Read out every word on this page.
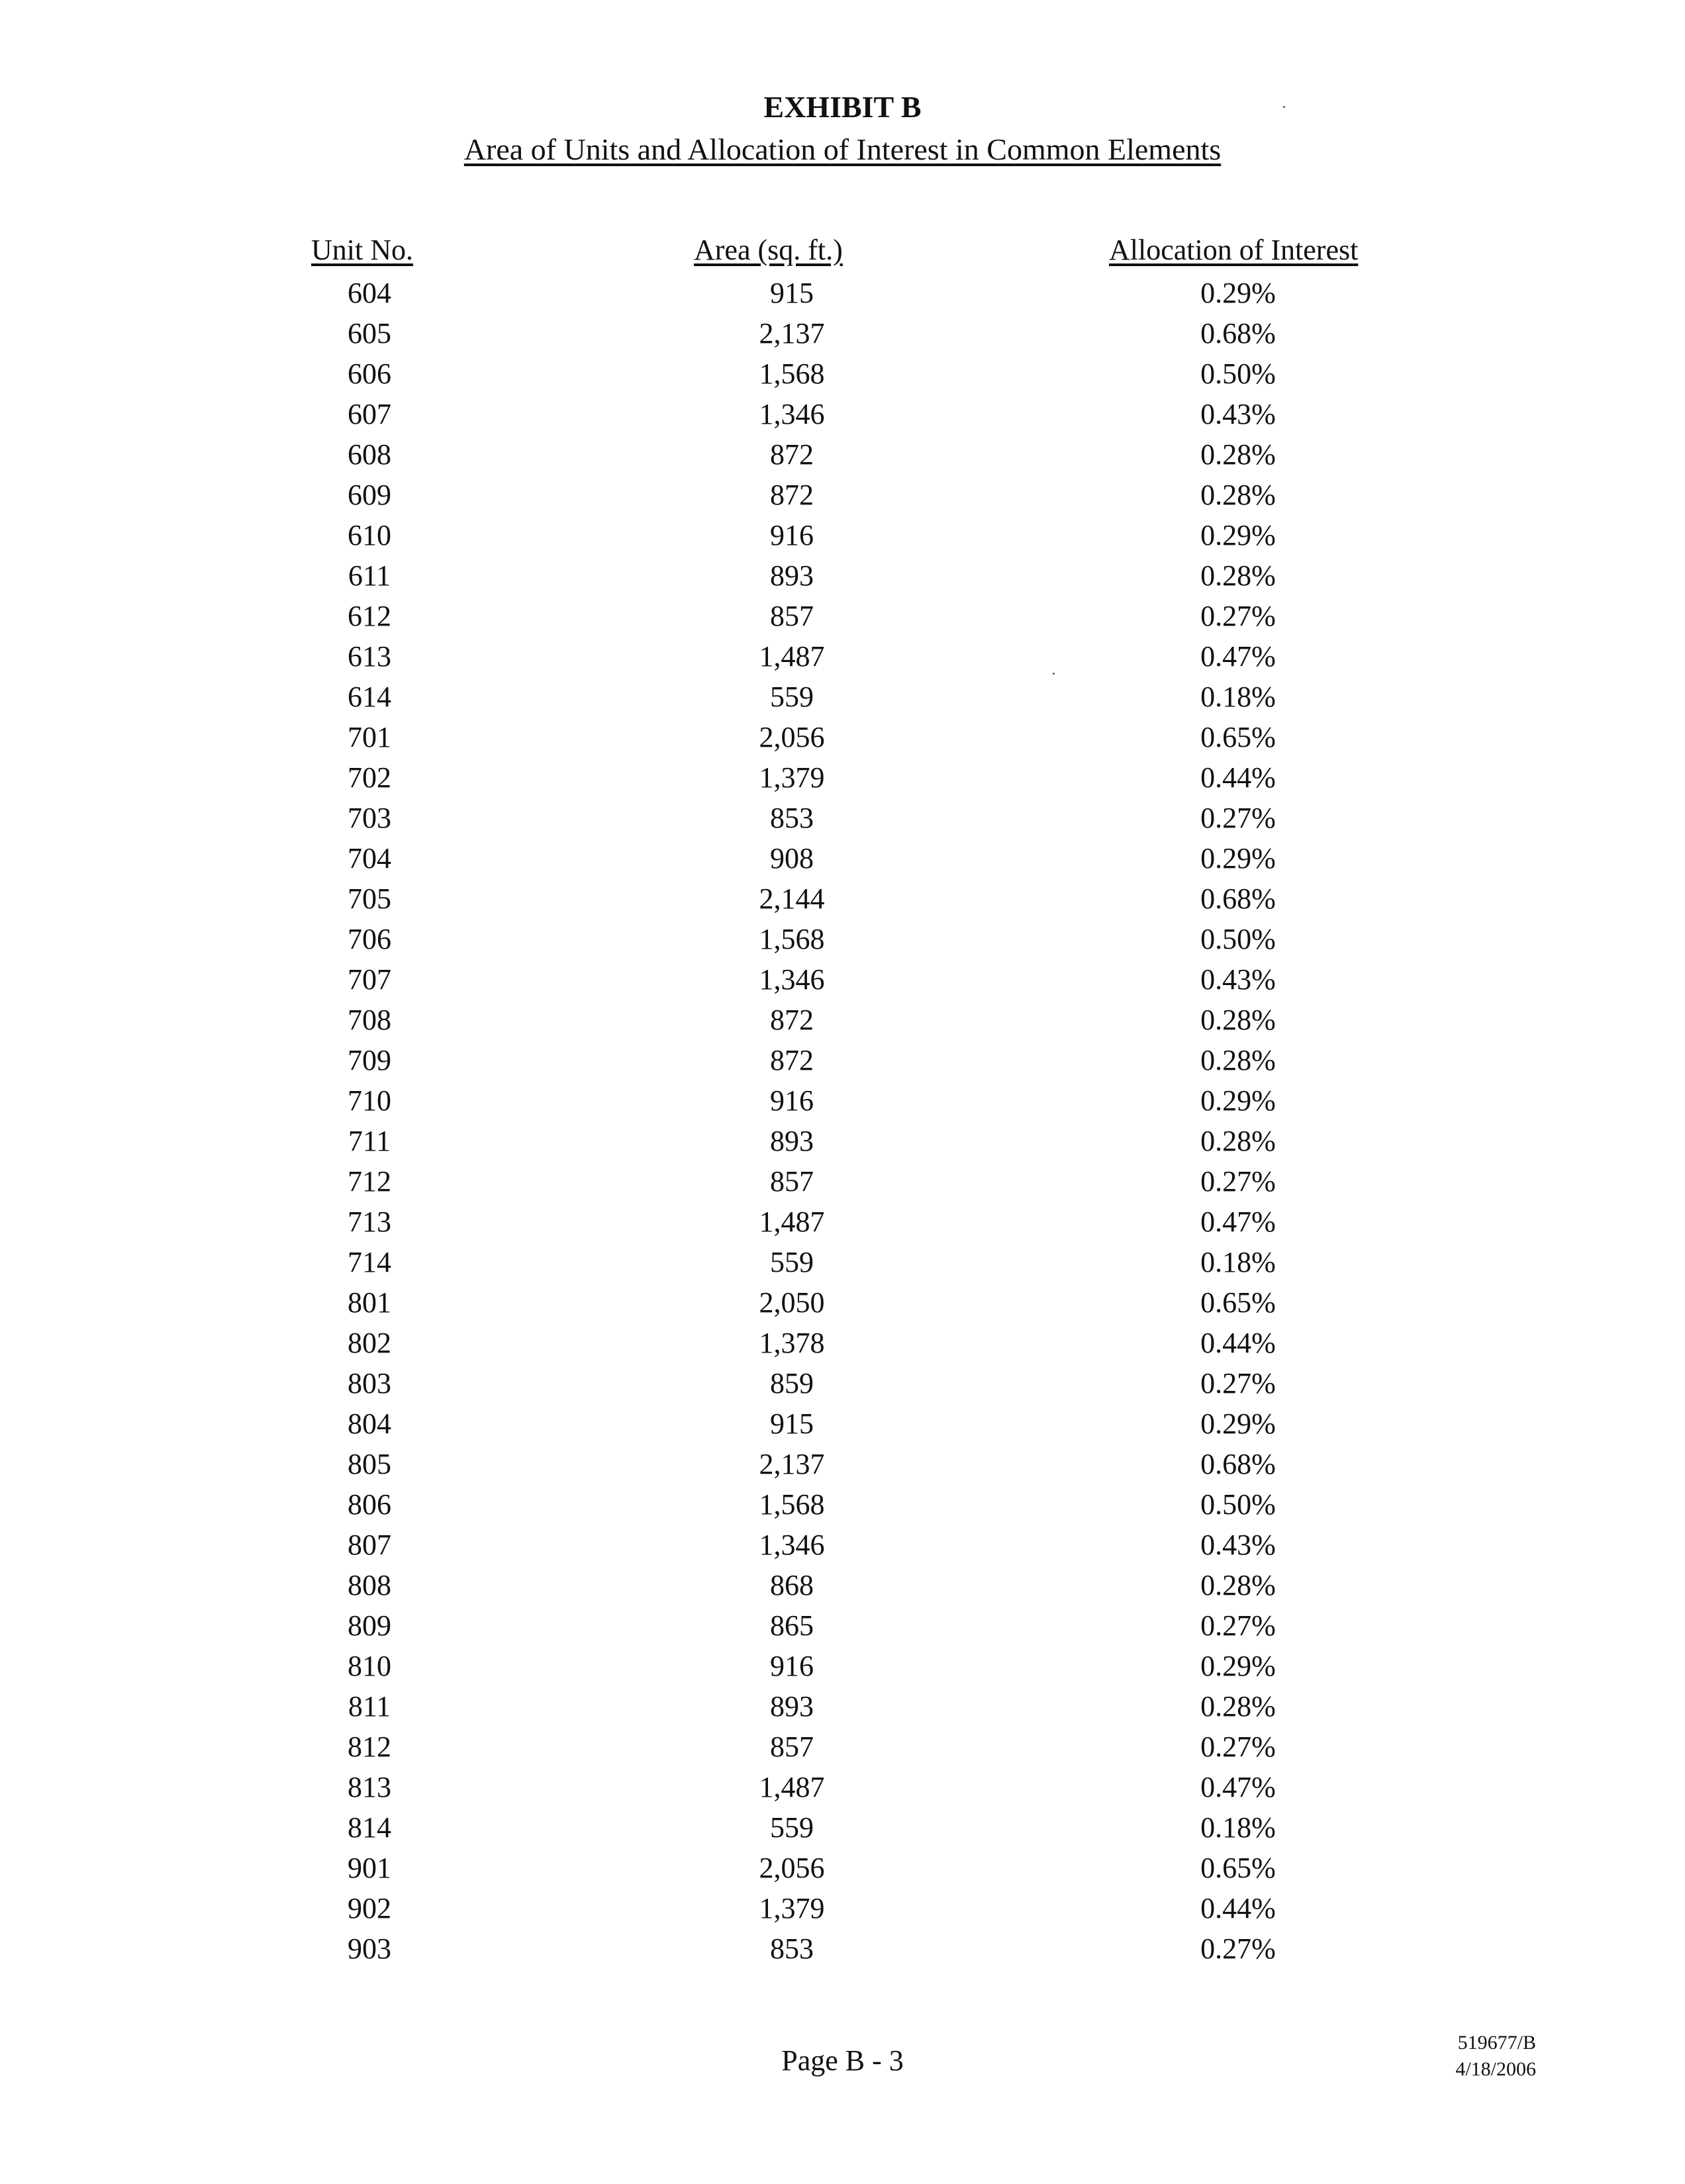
EXHIBIT B
Area of Units and Allocation of Interest in Common Elements
Unit No.	Area (sq. ft.)	Allocation of Interest
604	915	0.29%
605	2,137	0.68%
606	1,568	0.50%
607	1,346	0.43%
608	872	0.28%
609	872	0.28%
610	916	0.29%
611	893	0.28%
612	857	0.27%
613	1,487	0.47%
614	559	0.18%
701	2,056	0.65%
702	1,379	0.44%
703	853	0.27%
704	908	0.29%
705	2,144	0.68%
706	1,568	0.50%
707	1,346	0.43%
708	872	0.28%
709	872	0.28%
710	916	0.29%
711	893	0.28%
712	857	0.27%
713	1,487	0.47%
714	559	0.18%
801	2,050	0.65%
802	1,378	0.44%
803	859	0.27%
804	915	0.29%
805	2,137	0.68%
806	1,568	0.50%
807	1,346	0.43%
808	868	0.28%
809	865	0.27%
810	916	0.29%
811	893	0.28%
812	857	0.27%
813	1,487	0.47%
814	559	0.18%
901	2,056	0.65%
902	1,379	0.44%
903	853	0.27%
Page B - 3
519677/B
4/18/2006
